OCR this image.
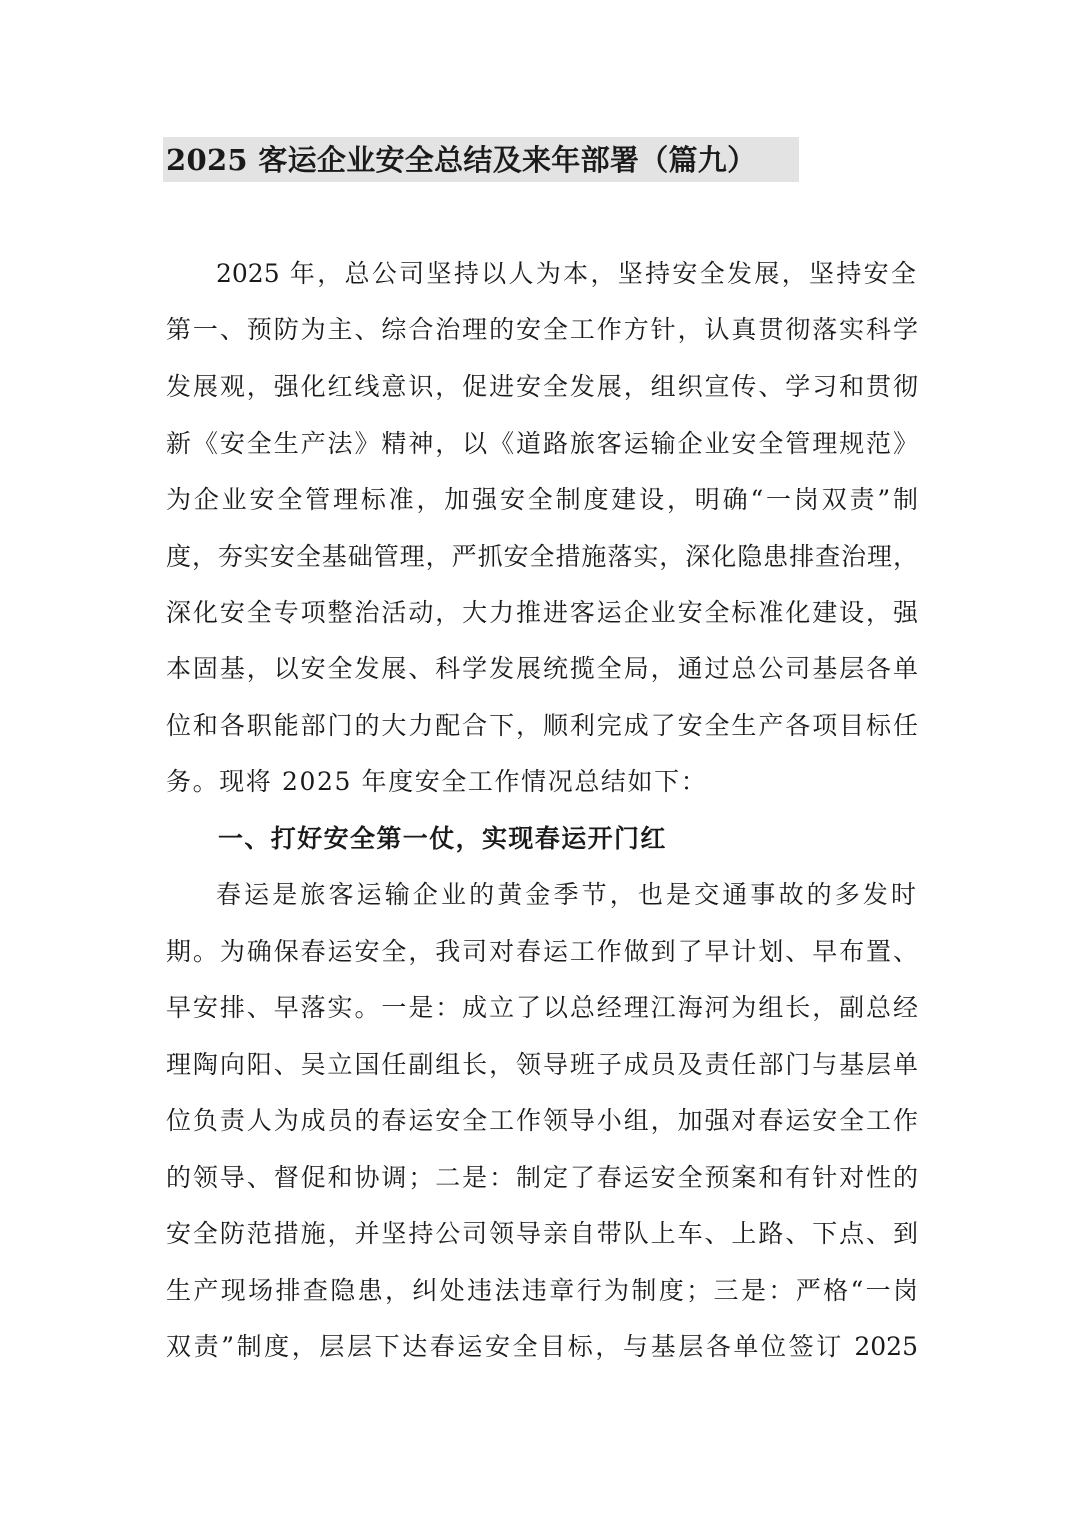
2025 客运企业安全总结及来年部署（篇九）
2025 年，总公司坚持以人为本，坚持安全发展，坚持安全
第一、预防为主、综合治理的安全工作方针，认真贯彻落实科学
发展观，强化红线意识，促进安全发展，组织宣传、学习和贯彻
新《安全生产法》精神，以《道路旅客运输企业安全管理规范》
为企业安全管理标准，加强安全制度建设，明确“一岗双责”制
度，夯实安全基础管理，严抓安全措施落实，深化隐患排查治理，
深化安全专项整治活动，大力推进客运企业安全标准化建设，强
本固基，以安全发展、科学发展统揽全局，通过总公司基层各单
位和各职能部门的大力配合下，顺利完成了安全生产各项目标任
务。现将 2025 年度安全工作情况总结如下：
一、打好安全第一仗，实现春运开门红
春运是旅客运输企业的黄金季节，也是交通事故的多发时
期。为确保春运安全，我司对春运工作做到了早计划、早布置、
早安排、早落实。一是：成立了以总经理江海河为组长，副总经
理陶向阳、吴立国任副组长，领导班子成员及责任部门与基层单
位负责人为成员的春运安全工作领导小组，加强对春运安全工作
的领导、督促和协调；二是：制定了春运安全预案和有针对性的
安全防范措施，并坚持公司领导亲自带队上车、上路、下点、到
生产现场排查隐患，纠处违法违章行为制度；三是：严格“一岗
双责”制度，层层下达春运安全目标，与基层各单位签订 2025
